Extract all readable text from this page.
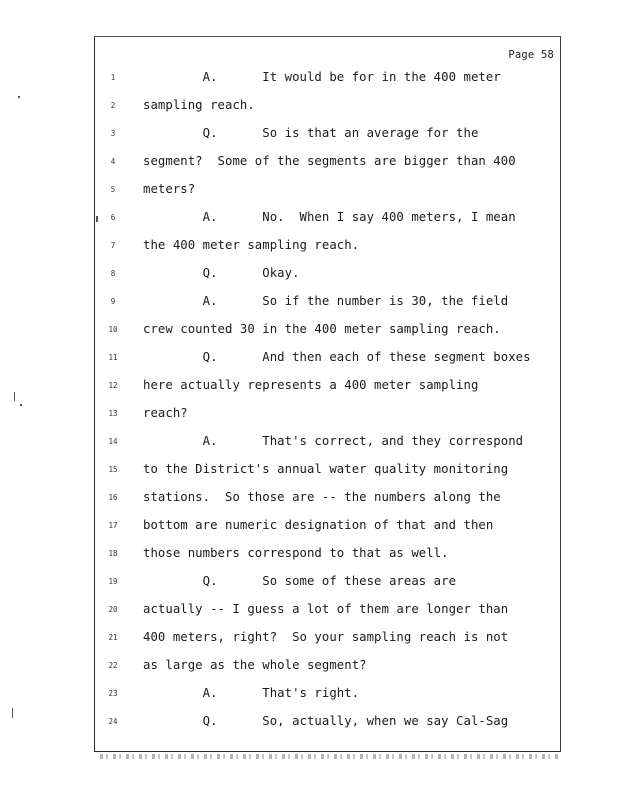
Page 58
1	A.      It would be for in the 400 meter
2	sampling reach.
3	Q.      So is that an average for the
4	segment?  Some of the segments are bigger than 400
5	meters?
6	A.      No.  When I say 400 meters, I mean
7	the 400 meter sampling reach.
8	Q.      Okay.
9	A.      So if the number is 30, the field
10	crew counted 30 in the 400 meter sampling reach.
11	Q.      And then each of these segment boxes
12	here actually represents a 400 meter sampling
13	reach?
14	A.      That's correct, and they correspond
15	to the District's annual water quality monitoring
16	stations.  So those are -- the numbers along the
17	bottom are numeric designation of that and then
18	those numbers correspond to that as well.
19	Q.      So some of these areas are
20	actually -- I guess a lot of them are longer than
21	400 meters, right?  So your sampling reach is not
22	as large as the whole segment?
23	A.      That's right.
24	Q.      So, actually, when we say Cal-Sag
